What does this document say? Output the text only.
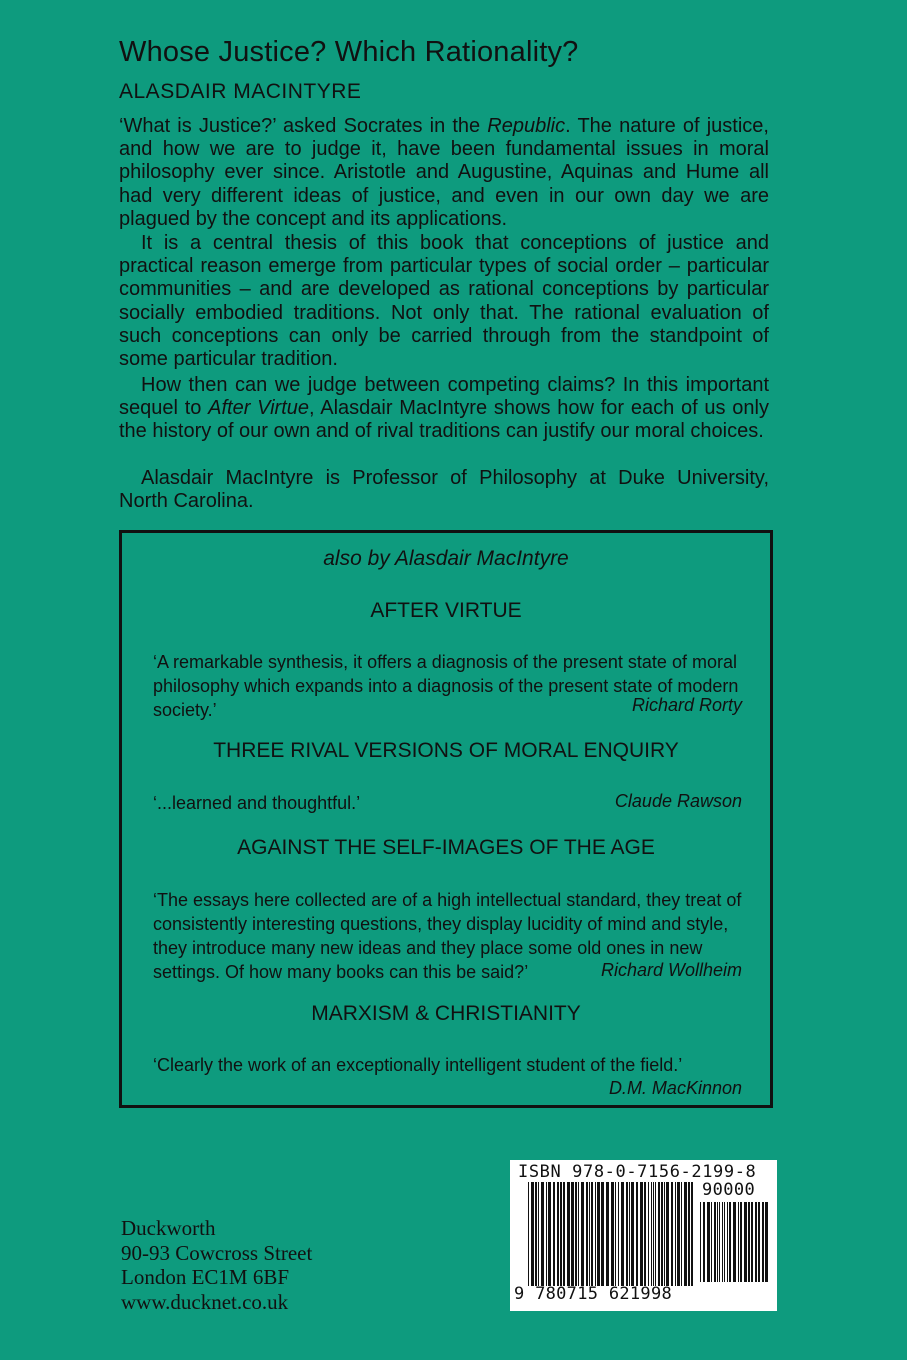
Whose Justice? Which Rationality?
ALASDAIR MACINTYRE

‘What is Justice?’ asked Socrates in the Republic. The nature of justice, and how we are to judge it, have been fundamental issues in moral philosophy ever since. Aristotle and Augustine, Aquinas and Hume all had very different ideas of justice, and even in our own day we are plagued by the concept and its applications.

It is a central thesis of this book that conceptions of justice and practical reason emerge from particular types of social order – particular communities – and are developed as rational conceptions by particular socially embodied traditions. Not only that. The rational evaluation of such conceptions can only be carried through from the standpoint of some particular tradition.

How then can we judge between competing claims? In this important sequel to After Virtue, Alasdair MacIntyre shows how for each of us only the history of our own and of rival traditions can justify our moral choices.

Alasdair MacIntyre is Professor of Philosophy at Duke University, North Carolina.

also by Alasdair MacIntyre
AFTER VIRTUE

‘A remarkable synthesis, it offers a diagnosis of the present state of moral philosophy which expands into a diagnosis of the present state of modern society.’	Richard Rorty
THREE RIVAL VERSIONS OF MORAL ENQUIRY

‘...learned and thoughtful.’	Claude Rawson
AGAINST THE SELF-IMAGES OF THE AGE

‘The essays here collected are of a high intellectual standard, they treat of consistently interesting questions, they display lucidity of mind and style, they introduce many new ideas and they place some old ones in new settings. Of how many books can this be said?’	Richard Wollheim
MARXISM & CHRISTIANITY

‘Clearly the work of an exceptionally intelligent student of the field.’

D.M. MacKinnon
Duckworth
90-93 Cowcross Street
London EC1M 6BF
www.ducknet.co.uk
ISBN 978-0-7156-2199-8
90000
9 780715 621998
